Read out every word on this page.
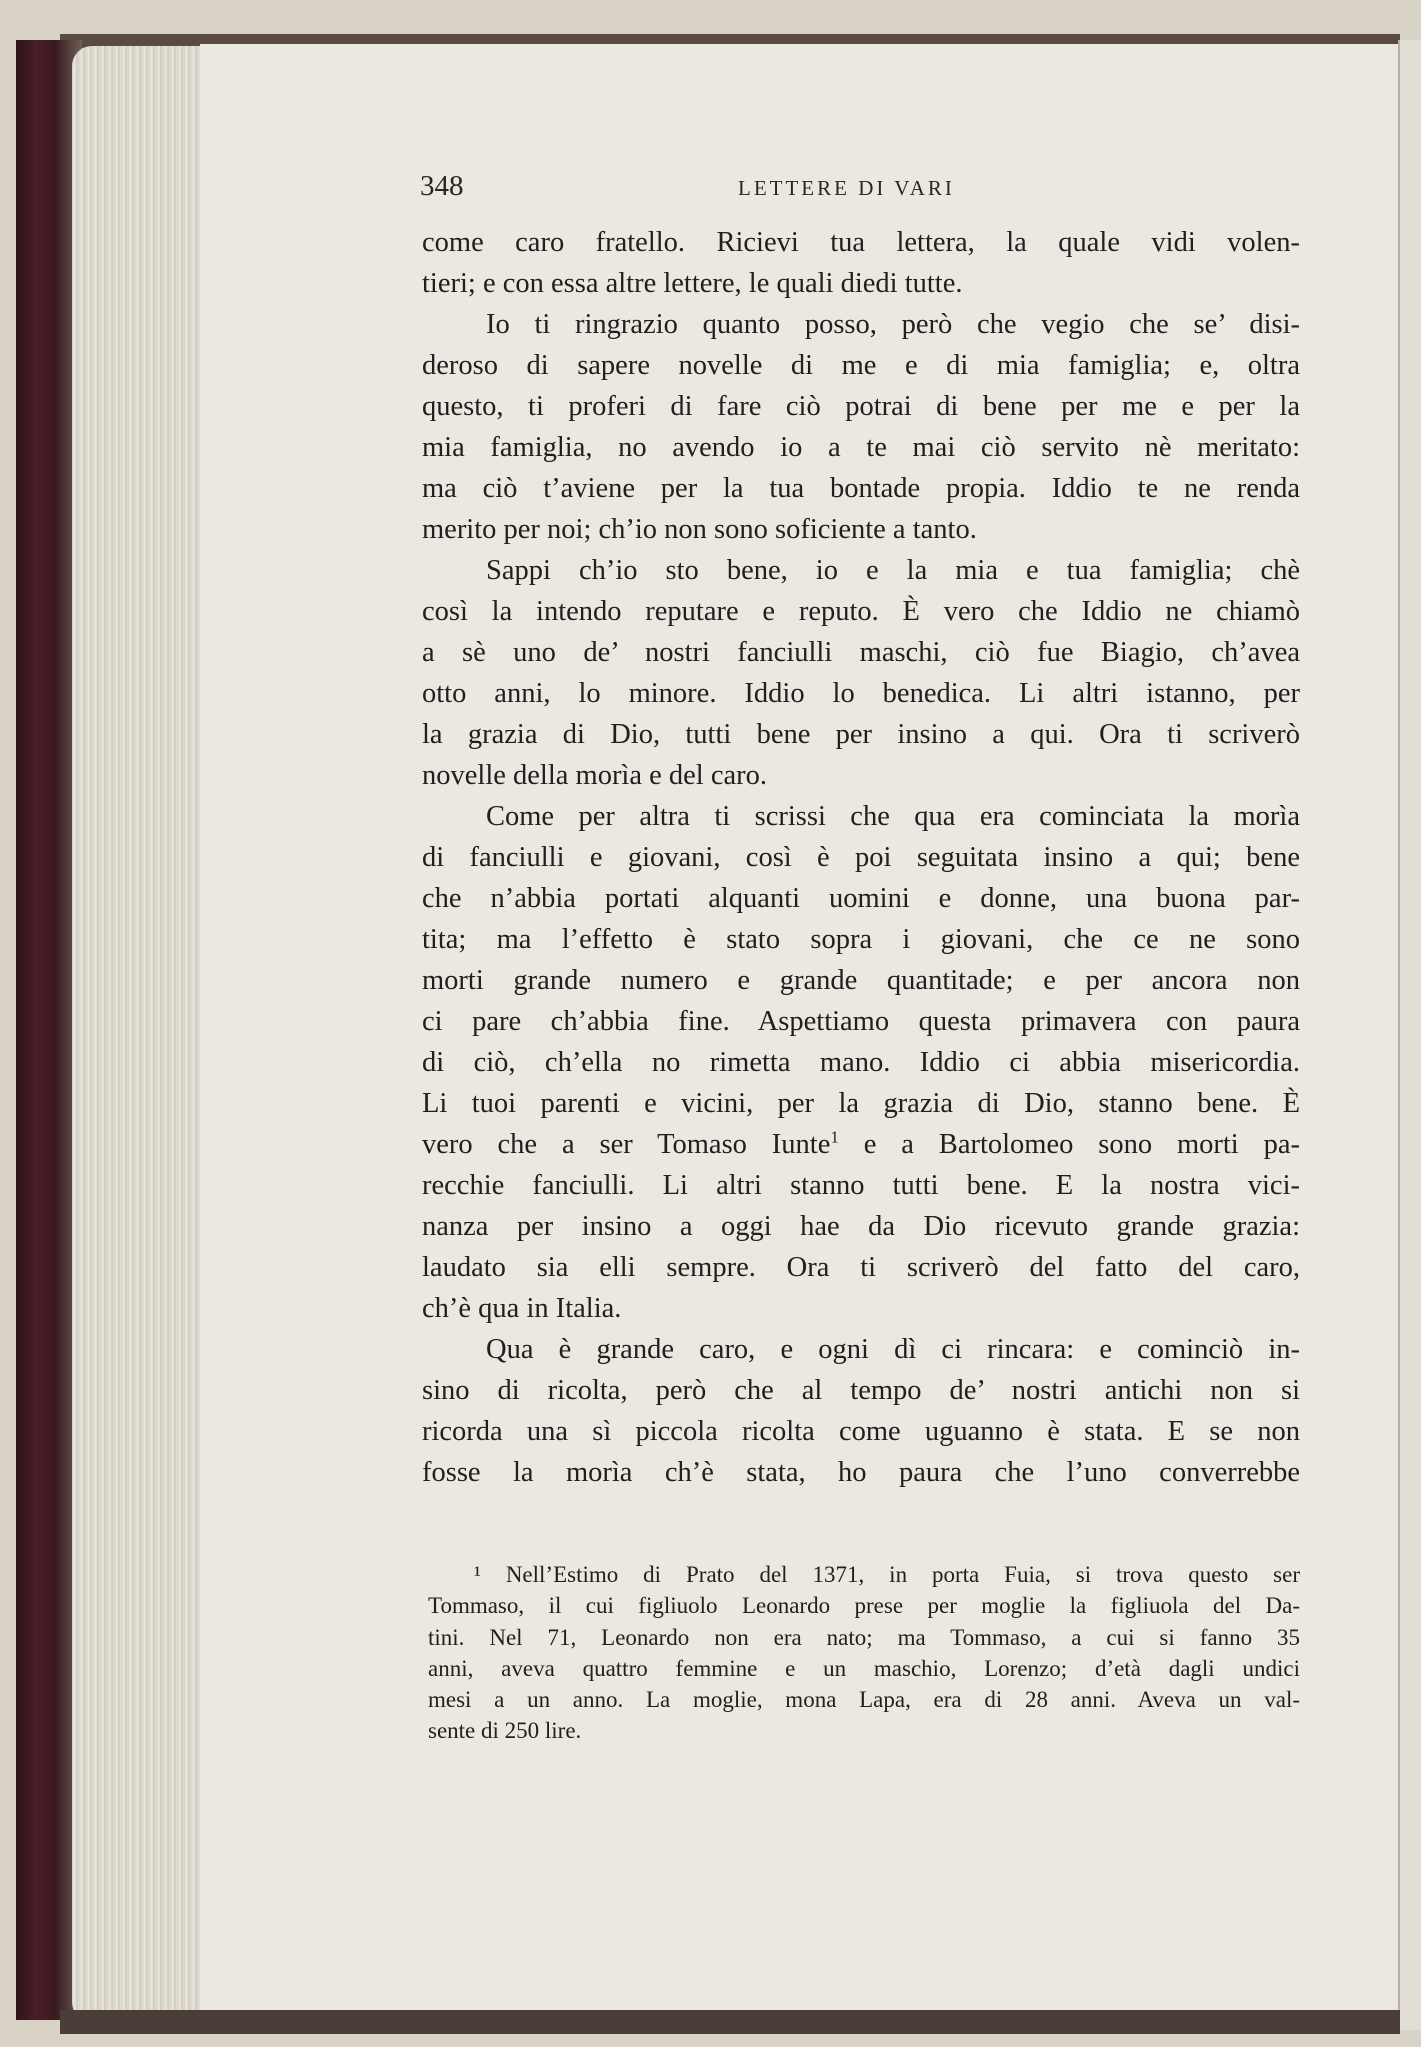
348	LETTERE DI VARI
come caro fratello. Ricievi tua lettera, la quale vidi volen-
tieri; e con essa altre lettere, le quali diedi tutte.
Io ti ringrazio quanto posso, però che vegio che se’ disi-
deroso di sapere novelle di me e di mia famiglia; e, oltra
questo, ti proferi di fare ciò potrai di bene per me e per la
mia famiglia, no avendo io a te mai ciò servito nè meritato:
ma ciò t’aviene per la tua bontade propia. Iddio te ne renda
merito per noi; ch’io non sono soficiente a tanto.
Sappi ch’io sto bene, io e la mia e tua famiglia; chè
così la intendo reputare e reputo. È vero che Iddio ne chiamò
a sè uno de’ nostri fanciulli maschi, ciò fue Biagio, ch’avea
otto anni, lo minore. Iddio lo benedica. Li altri istanno, per
la grazia di Dio, tutti bene per insino a qui. Ora ti scriverò
novelle della morìa e del caro.
Come per altra ti scrissi che qua era cominciata la morìa
di fanciulli e giovani, così è poi seguitata insino a qui; bene
che n’abbia portati alquanti uomini e donne, una buona par-
tita; ma l’effetto è stato sopra i giovani, che ce ne sono
morti grande numero e grande quantitade; e per ancora non
ci pare ch’abbia fine. Aspettiamo questa primavera con paura
di ciò, ch’ella no rimetta mano. Iddio ci abbia misericordia.
Li tuoi parenti e vicini, per la grazia di Dio, stanno bene. È
vero che a ser Tomaso Iunte$^1$ e a Bartolomeo sono morti pa-
recchie fanciulli. Li altri stanno tutti bene. E la nostra vici-
nanza per insino a oggi hae da Dio ricevuto grande grazia:
laudato sia elli sempre. Ora ti scriverò del fatto del caro,
ch’è qua in Italia.
Qua è grande caro, e ogni dì ci rincara: e cominciò in-
sino di ricolta, però che al tempo de’ nostri antichi non si
ricorda una sì piccola ricolta come uguanno è stata. E se non
fosse la morìa ch’è stata, ho paura che l’uno converrebbe
¹ Nell’Estimo di Prato del 1371, in porta Fuia, si trova questo ser
Tommaso, il cui figliuolo Leonardo prese per moglie la figliuola del Da-
tini. Nel 71, Leonardo non era nato; ma Tommaso, a cui si fanno 35
anni, aveva quattro femmine e un maschio, Lorenzo; d’età dagli undici
mesi a un anno. La moglie, mona Lapa, era di 28 anni. Aveva un val-
sente di 250 lire.
